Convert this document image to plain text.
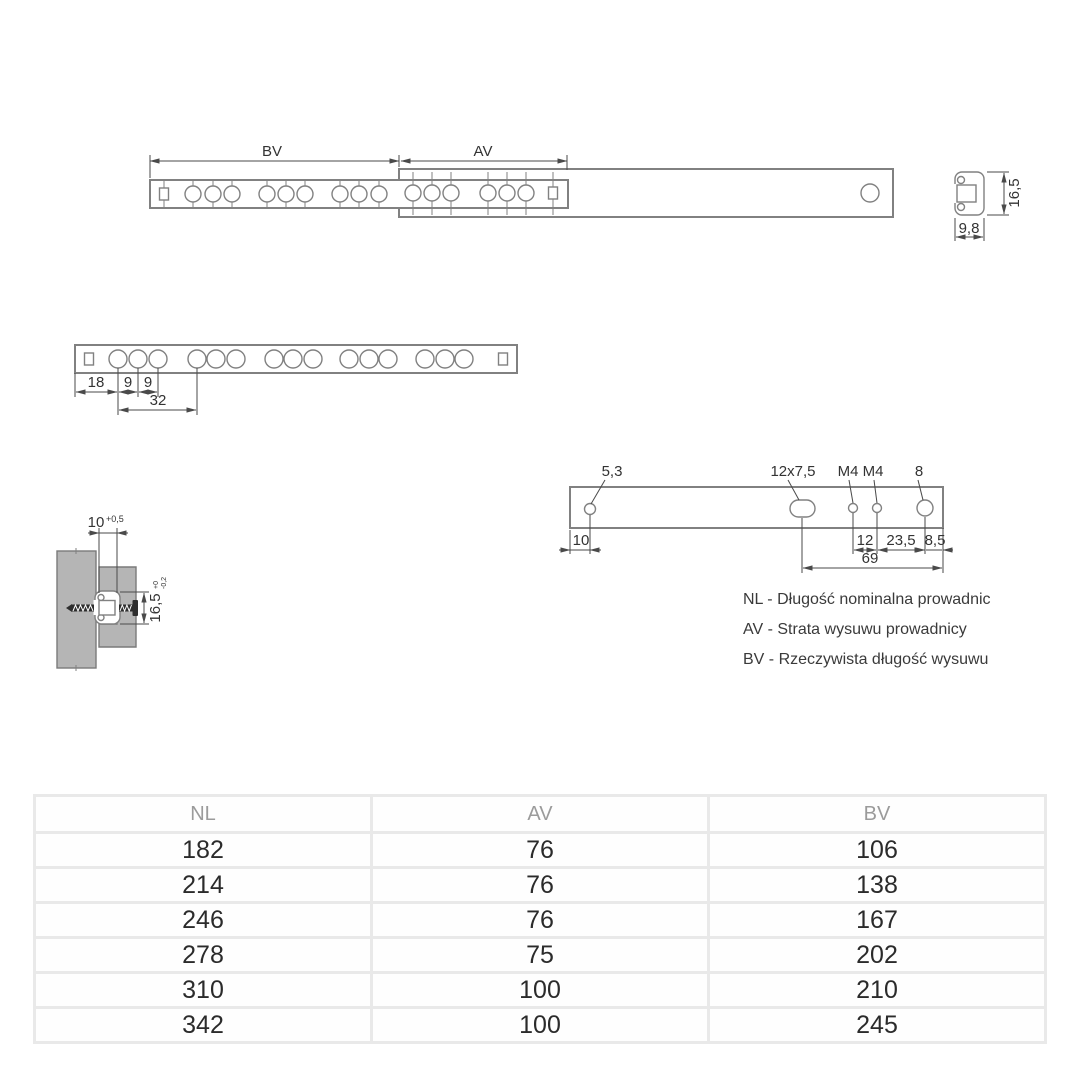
BV	AV
16,5
9,8
18 9 9
32
5,3	12x7,5 M4 M4 8
10	12 23,5 8,5
69
10 +0,5
16,5
+0 -0,2
NL - Długość nominalna prowadnic
AV - Strata wysuwu prowadnicy
BV - Rzeczywista długość wysuwu
NL	AV	BV
182	76	106
214	76	138
246	76	167
278	75	202
310	100	210
342	100	245
